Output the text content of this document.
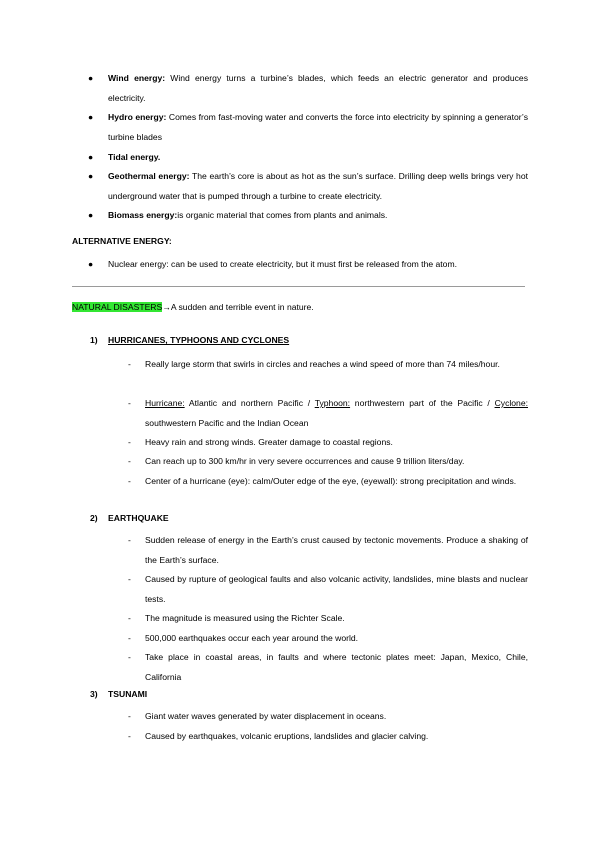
● Wind energy: Wind energy turns a turbine’s blades, which feeds an electric generator and produces electricity.
● Hydro energy: Comes from fast-moving water and converts the force into electricity by spinning a generator’s turbine blades
● Tidal energy.
● Geothermal energy: The earth’s core is about as hot as the sun’s surface. Drilling deep wells brings very hot underground water that is pumped through a turbine to create electricity.
● Biomass energy:is organic material that comes from plants and animals.
ALTERNATIVE ENERGY:
● Nuclear energy: can be used to create electricity, but it must first be released from the atom.
NATURAL DISASTERS→A sudden and terrible event in nature.
1) HURRICANES, TYPHOONS AND CYCLONES
- Really large storm that swirls in circles and reaches a wind speed of more than 74 miles/hour.
- Hurricane: Atlantic and northern Pacific / Typhoon: northwestern part of the Pacific / Cyclone: southwestern Pacific and the Indian Ocean
- Heavy rain and strong winds. Greater damage to coastal regions.
- Can reach up to 300 km/hr in very severe occurrences and cause 9 trillion liters/day.
- Center of a hurricane (eye): calm/Outer edge of the eye, (eyewall): strong precipitation and winds.
2) EARTHQUAKE
- Sudden release of energy in the Earth’s crust caused by tectonic movements. Produce a shaking of the Earth’s surface.
- Caused by rupture of geological faults and also volcanic activity, landslides, mine blasts and nuclear tests.
- The magnitude is measured using the Richter Scale.
- 500,000 earthquakes occur each year around the world.
- Take place in coastal areas, in faults and where tectonic plates meet: Japan, Mexico, Chile, California
3) TSUNAMI
- Giant water waves generated by water displacement in oceans.
- Caused by earthquakes, volcanic eruptions, landslides and glacier calving.
